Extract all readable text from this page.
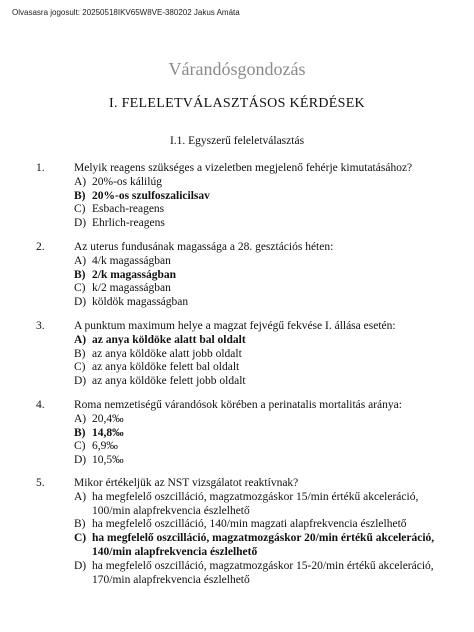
Olvasasra jogosult: 20250518IKV65W8VE-380202 Jakus Amáta
Várandósgondozás
I. FELELETVÁLASZTÁSOS KÉRDÉSEK
I.1. Egyszerű feleletválasztás
1.	Melyik reagens szükséges a vizeletben megjelenő fehérje kimutatásához?
A) 20%-os kálilúg
B) 20%-os szulfoszalicilsav
C) Esbach-reagens
D) Ehrlich-reagens
2.	Az uterus fundusának magassága a 28. gesztációs héten:
A) 4/k magasságban
B) 2/k magasságban
C) k/2 magasságban
D) köldök magasságban
3.	A punktum maximum helye a magzat fejvégű fekvése I. állása esetén:
A) az anya köldöke alatt bal oldalt
B) az anya köldöke alatt jobb oldalt
C) az anya köldöke felett bal oldalt
D) az anya köldöke felett jobb oldalt
4.	Roma nemzetiségű várandósok körében a perinatalis mortalitás aránya:
A) 20,4‰
B) 14,8‰
C) 6,9‰
D) 10,5‰
5.	Mikor értékeljük az NST vizsgálatot reaktívnak?
A) ha megfelelő oszcilláció, magzatmozgáskor 15/min értékű akceleráció, 100/min alapfrekvencia észlelhető
B) ha megfelelő oszcilláció, 140/min magzati alapfrekvencia észlelhető
C) ha megfelelő oszcilláció, magzatmozgáskor 20/min értékű akceleráció, 140/min alapfrekvencia észlelhető
D) ha megfelelő oszcilláció, magzatmozgáskor 15-20/min értékű akceleráció, 170/min alapfrekvencia észlelhető
